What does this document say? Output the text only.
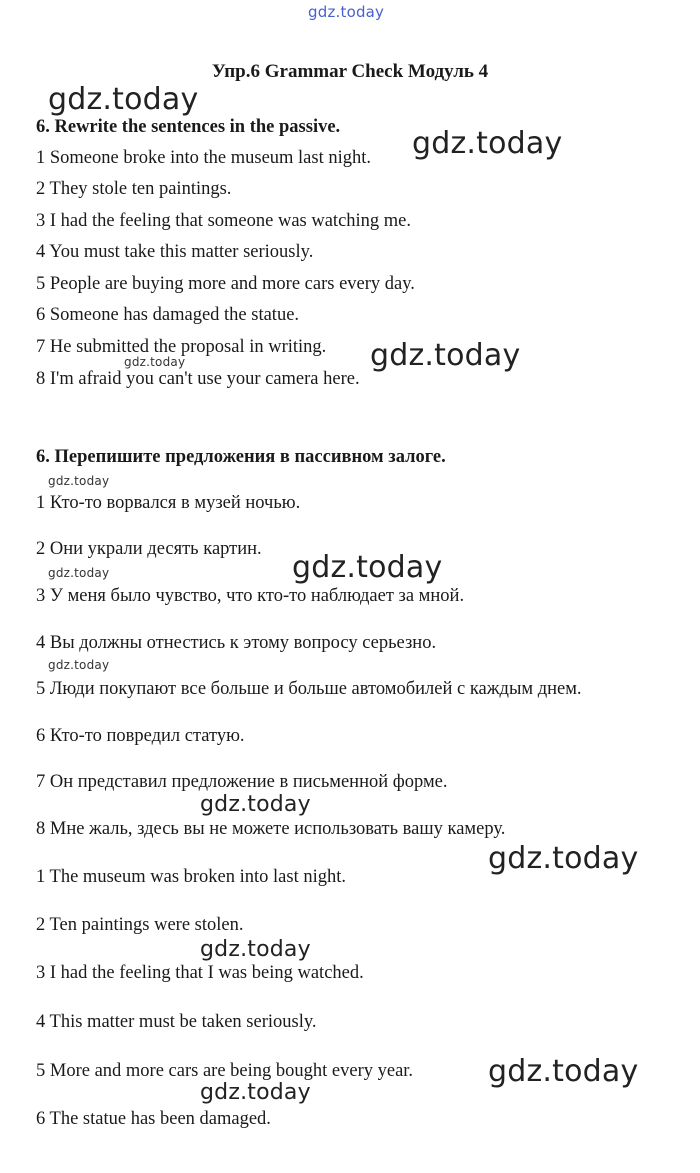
gdz.today
gdz.today
gdz.today
gdz.today
gdz.today
gdz.today
gdz.today
gdz.today
gdz.today
gdz.today
gdz.today
gdz.today
gdz.today
gdz.today
Упр.6 Grammar Check Модуль 4
6. Rewrite the sentences in the passive.
1 Someone broke into the museum last night.
2 They stole ten paintings.
3 I had the feeling that someone was watching me.
4 You must take this matter seriously.
5 People are buying more and more cars every day.
6 Someone has damaged the statue.
7 He submitted the proposal in writing.
8 I'm afraid you can't use your camera here.
6. Перепишите предложения в пассивном залоге.
1 Кто-то ворвался в музей ночью.
2 Они украли десять картин.
3 У меня было чувство, что кто-то наблюдает за мной.
4 Вы должны отнестись к этому вопросу серьезно.
5 Люди покупают все больше и больше автомобилей с каждым днем.
6 Кто-то повредил статую.
7 Он представил предложение в письменной форме.
8 Мне жаль, здесь вы не можете использовать вашу камеру.
1 The museum was broken into last night.
2 Ten paintings were stolen.
3 I had the feeling that I was being watched.
4 This matter must be taken seriously.
5 More and more cars are being bought every year.
6 The statue has been damaged.
